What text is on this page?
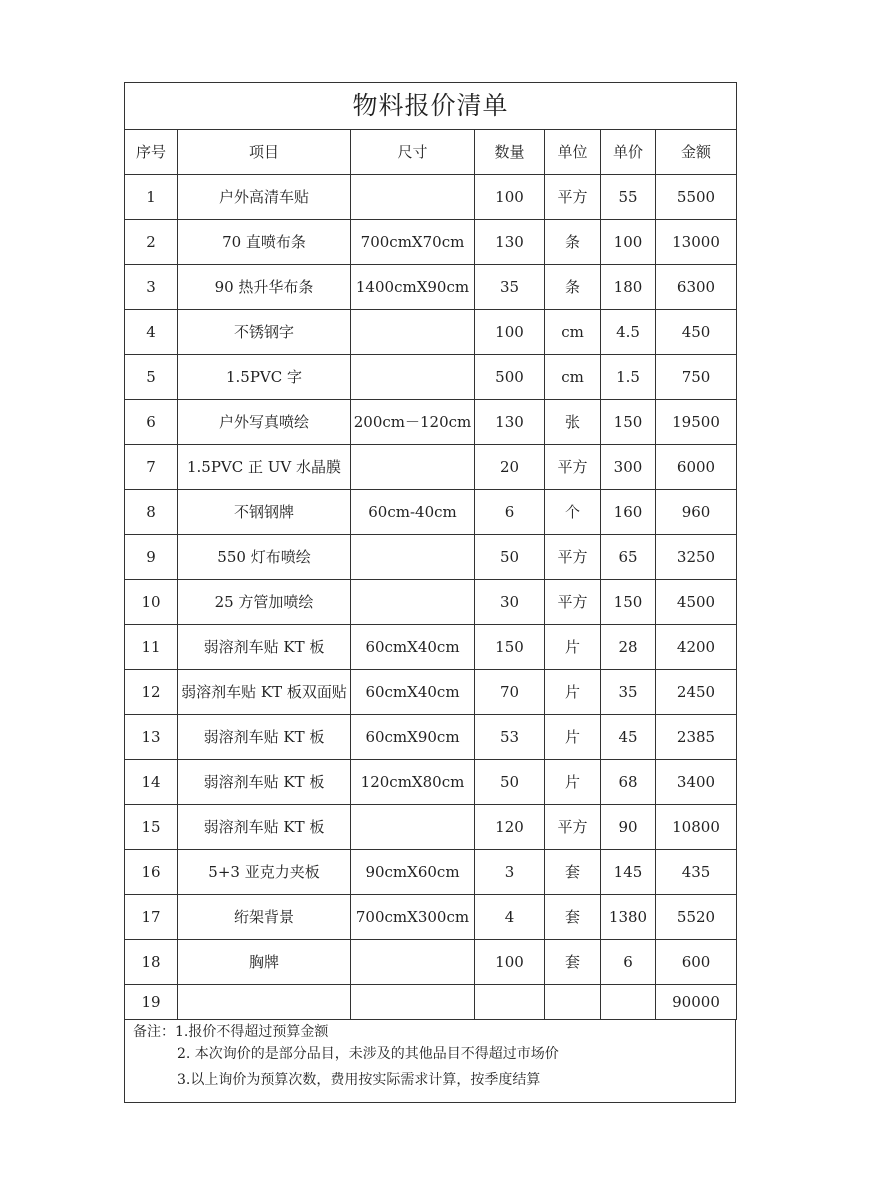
物料报价清单						
序号	项目	尺寸	数量	单位	单价	金额
1	户外高清车贴		100	平方	55	5500
2	70 直喷布条	700cmX70cm	130	条	100	13000
3	90 热升华布条	1400cmX90cm	35	条	180	6300
4	不锈钢字		100	cm	4.5	450
5	1.5PVC 字		500	cm	1.5	750
6	户外写真喷绘	200cm－120cm	130	张	150	19500
7	1.5PVC 正 UV 水晶膜		20	平方	300	6000
8	不钢钢牌	60cm-40cm	6	个	160	960
9	550 灯布喷绘		50	平方	65	3250
10	25 方管加喷绘		30	平方	150	4500
11	弱溶剂车贴 KT 板	60cmX40cm	150	片	28	4200
12	弱溶剂车贴 KT 板双面贴	60cmX40cm	70	片	35	2450
13	弱溶剂车贴 KT 板	60cmX90cm	53	片	45	2385
14	弱溶剂车贴 KT 板	120cmX80cm	50	片	68	3400
15	弱溶剂车贴 KT 板		120	平方	90	10800
16	5+3 亚克力夹板	90cmX60cm	3	套	145	435
17	绗架背景	700cmX300cm	4	套	1380	5520
18	胸牌		100	套	6	600
19						90000
备注：1.报价不得超过预算金额
2. 本次询价的是部分品目，未涉及的其他品目不得超过市场价
3.以上询价为预算次数，费用按实际需求计算，按季度结算
